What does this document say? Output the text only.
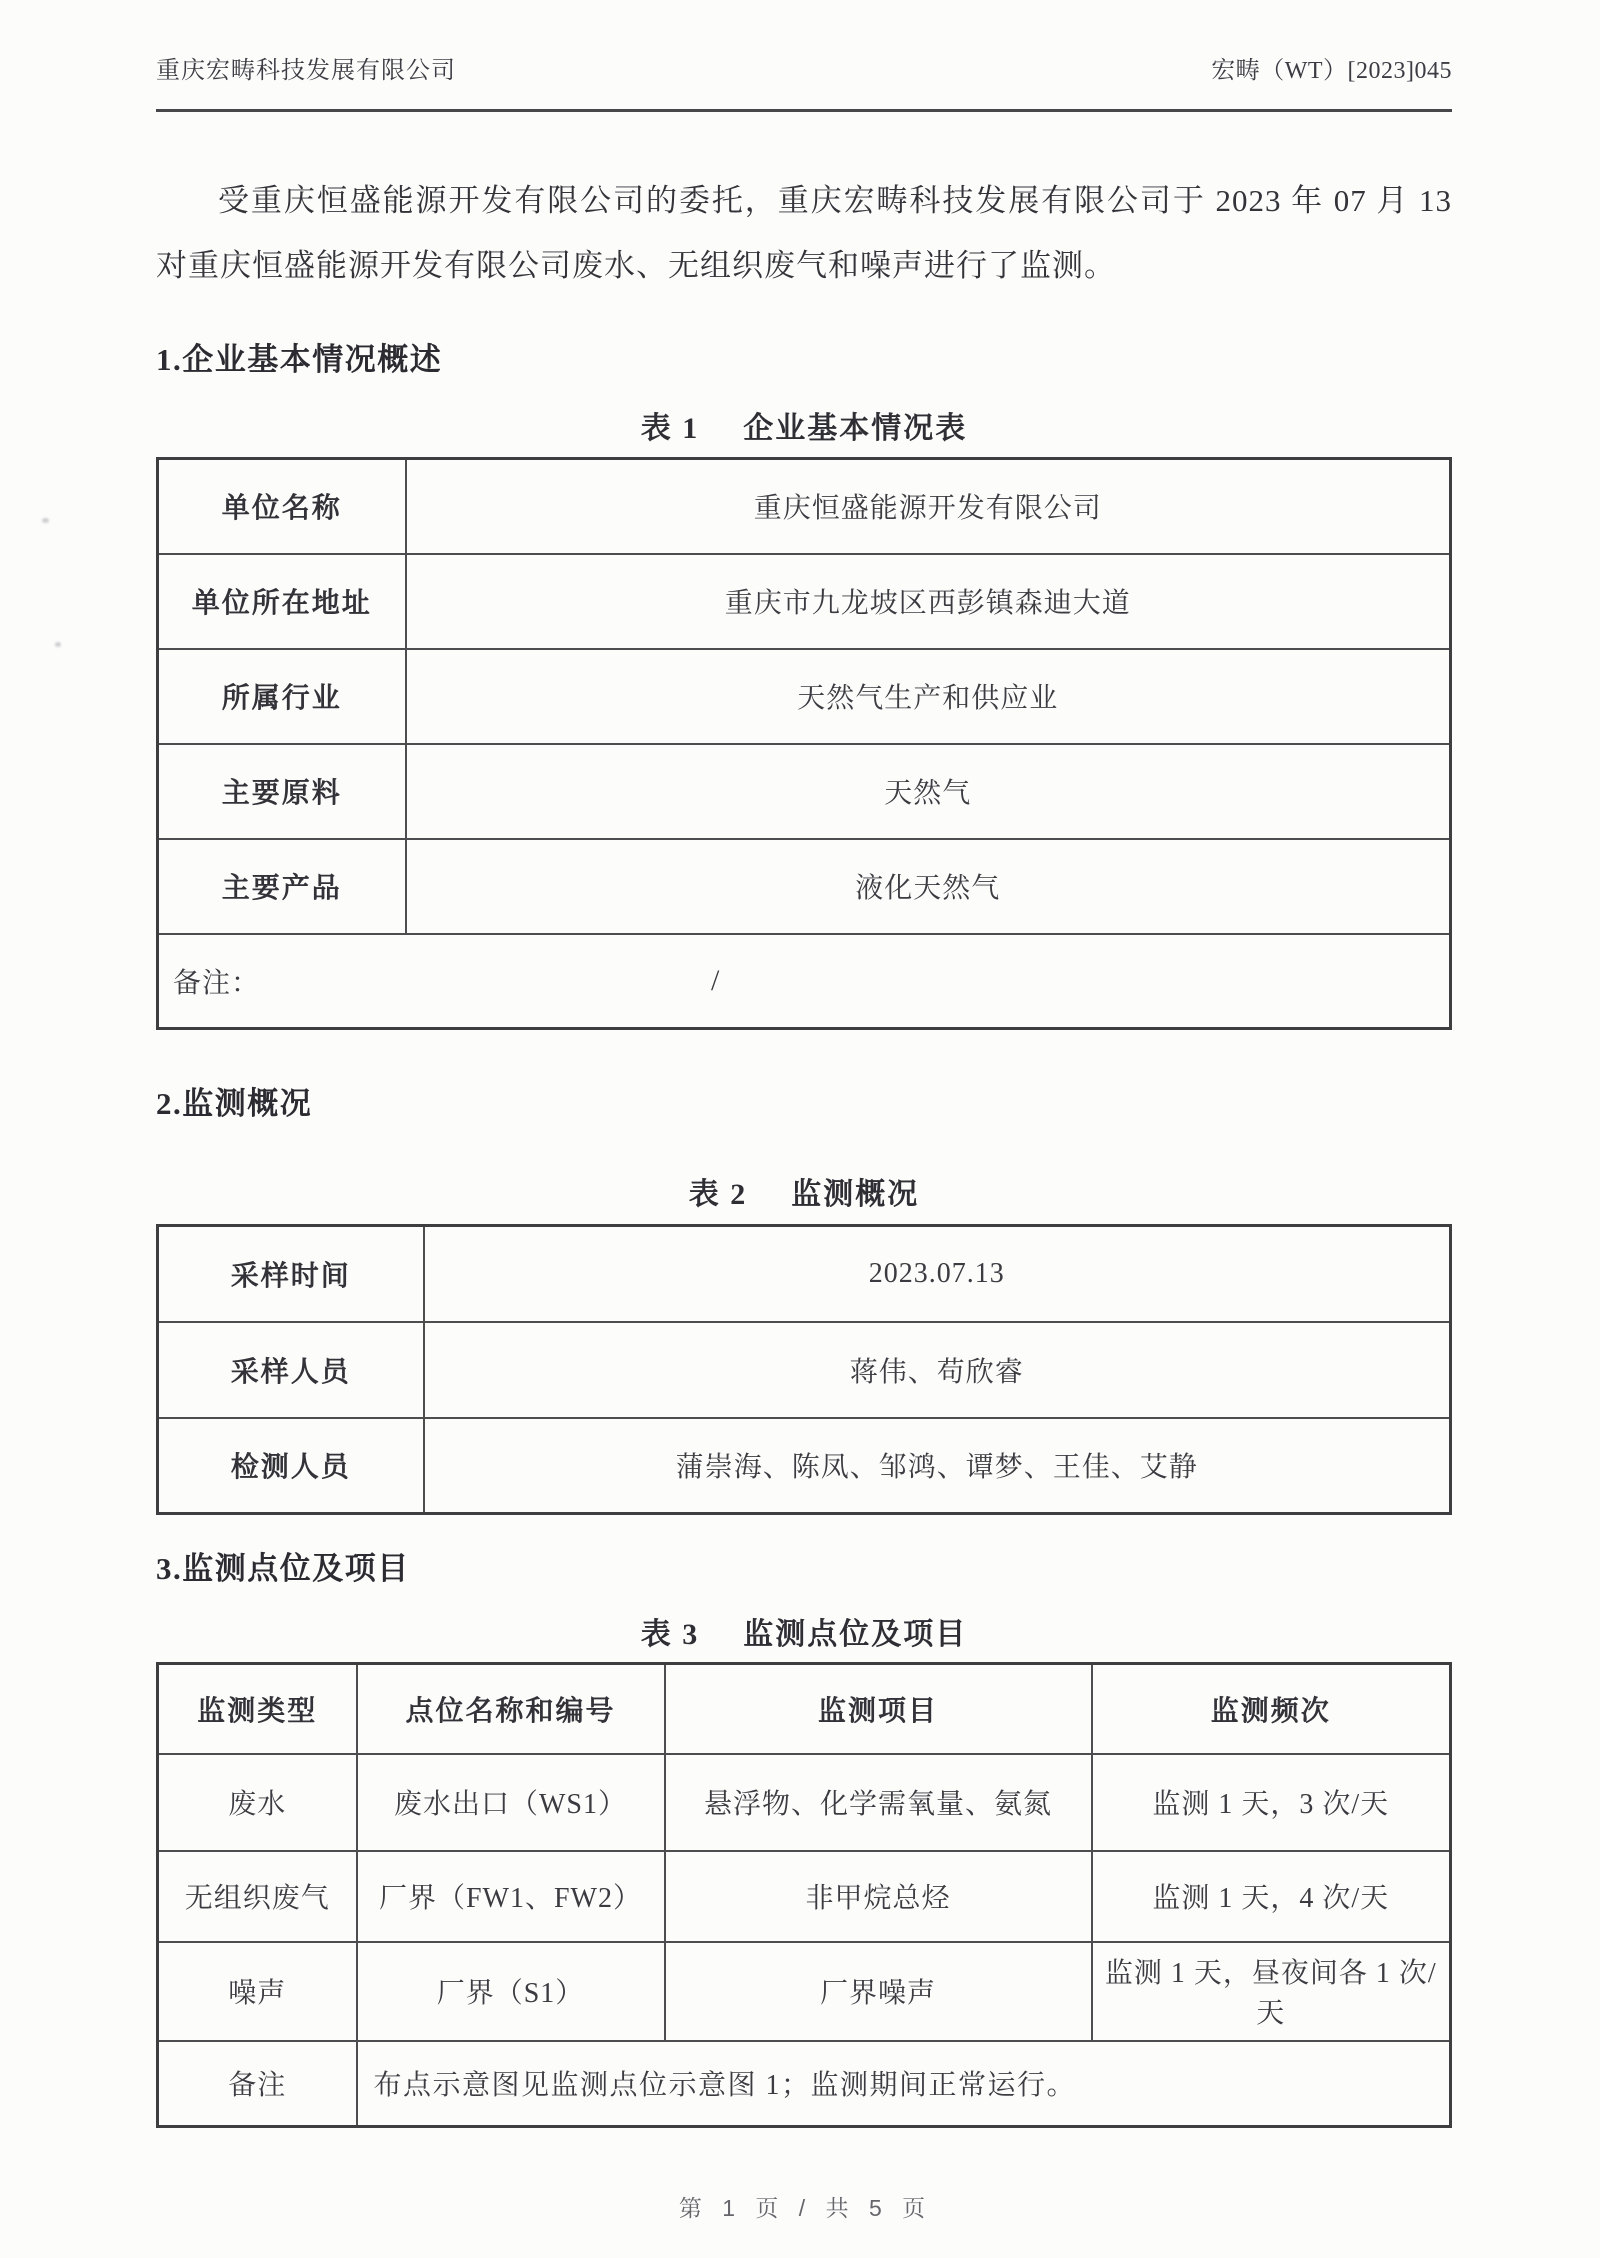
重庆宏畴科技发展有限公司	宏畴（WT）[2023]045

受重庆恒盛能源开发有限公司的委托，重庆宏畴科技发展有限公司于 2023 年 07 月 13
对重庆恒盛能源开发有限公司废水、无组织废气和噪声进行了监测。

1.企业基本情况概述
表 1 企业基本情况表
单位名称	重庆恒盛能源开发有限公司
单位所在地址	重庆市九龙坡区西彭镇森迪大道
所属行业	天然气生产和供应业
主要原料	天然气
主要产品	液化天然气
备注： /	
2.监测概况
表 2 监测概况
采样时间	2023.07.13
采样人员	蒋伟、苟欣睿
检测人员	蒲崇海、陈凤、邹鸿、谭梦、王佳、艾静
3.监测点位及项目
表 3 监测点位及项目
监测类型	点位名称和编号	监测项目	监测频次
废水	废水出口（WS1）	悬浮物、化学需氧量、氨氮	监测 1 天，3 次/天
无组织废气	厂界（FW1、FW2）	非甲烷总烃	监测 1 天，4 次/天
噪声	厂界（S1）	厂界噪声	监测 1 天，昼夜间各 1 次/天
备注	布点示意图见监测点位示意图 1；监测期间正常运行。		
第 1 页 / 共 5 页
